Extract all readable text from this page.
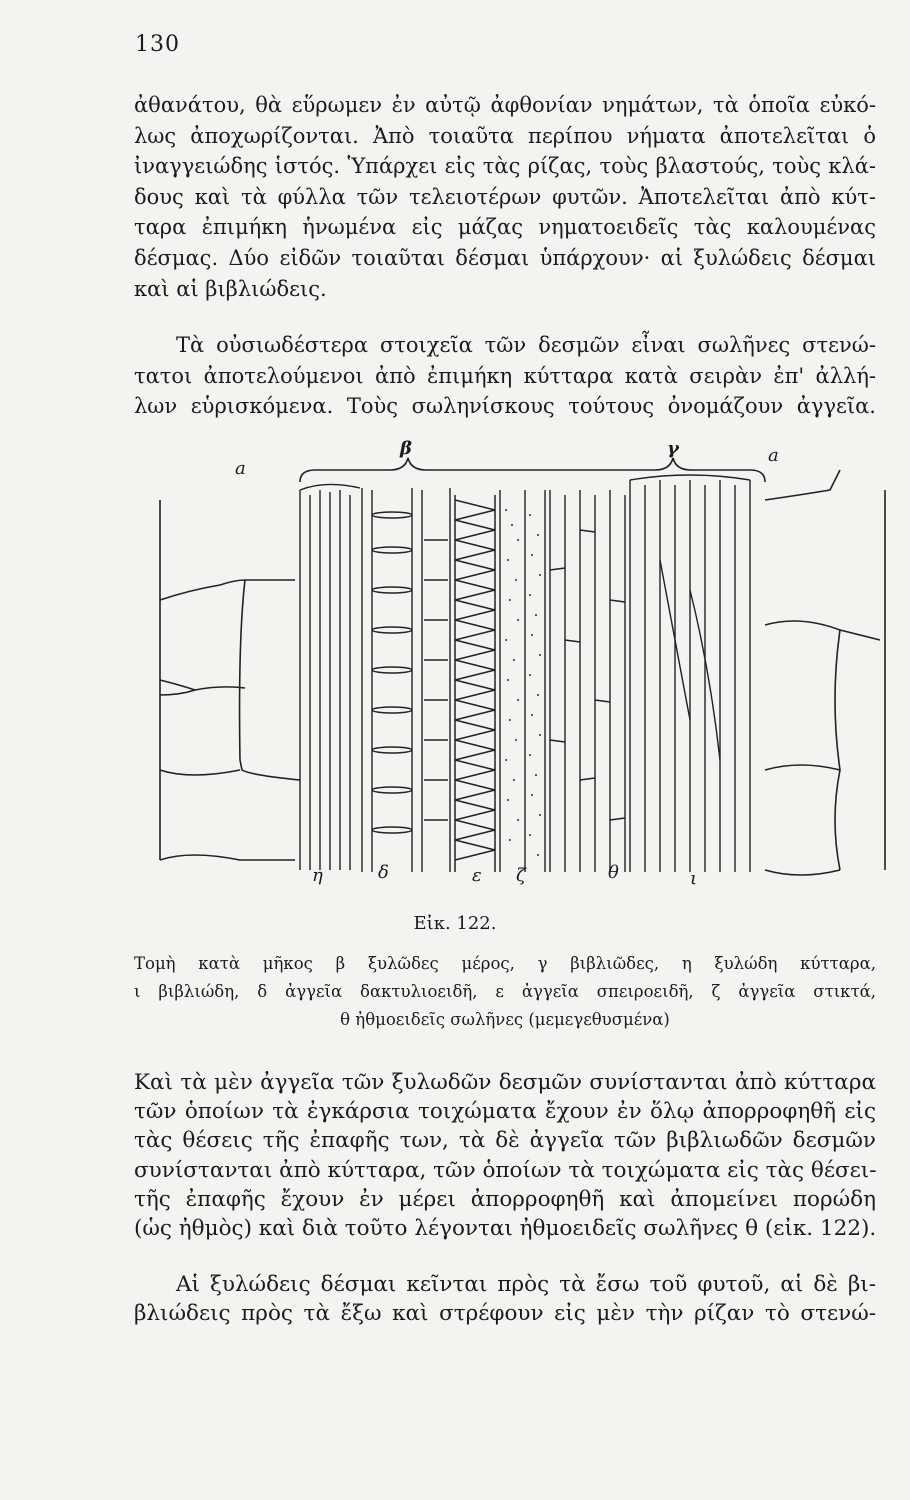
130

ἀθανάτου, θὰ εὕρωμεν ἐν αὐτῷ ἀφθονίαν νημάτων, τὰ ὁποῖα εὐκό-
λως ἀποχωρίζονται. Ἀπὸ τοιαῦτα περίπου νήματα ἀποτελεῖται ὁ
ἰναγγειώδης ἱστός. Ὑπάρχει εἰς τὰς ρίζας, τοὺς βλαστούς, τοὺς κλά-
δους καὶ τὰ φύλλα τῶν τελειοτέρων φυτῶν. Ἀποτελεῖται ἀπὸ κύτ-
ταρα ἐπιμήκη ἡνωμένα εἰς μάζας νηματοειδεῖς τὰς καλουμένας
δέσμας. Δύο εἰδῶν τοιαῦται δέσμαι ὑπάρχουν· αἱ ξυλώδεις δέσμαι
καὶ αἱ βιβλιώδεις.

Τὰ οὐσιωδέστερα στοιχεῖα τῶν δεσμῶν εἶναι σωλῆνες στενώ-
τατοι ἀποτελούμενοι ἀπὸ ἐπιμήκη κύτταρα κατὰ σειρὰν ἐπ' ἀλλή-
λων εὑρισκόμενα. Τοὺς σωληνίσκους τούτους ὀνομάζουν ἀγγεῖα.

a
β	γ	a
η	δ	ε ζ	θ	ι
Εἰκ. 122.
Τομὴ κατὰ μῆκος β ξυλῶδες μέρος, γ βιβλιῶδες, η ξυλώδη κύτταρα,
ι βιβλιώδη, δ ἀγγεῖα δακτυλιοειδῆ, ε ἀγγεῖα σπειροειδῆ, ζ ἀγγεῖα στικτά,
θ ἠθμοειδεῖς σωλῆνες (μεμεγεθυσμένα)

Καὶ τὰ μὲν ἀγγεῖα τῶν ξυλωδῶν δεσμῶν συνίστανται ἀπὸ κύτταρα
τῶν ὁποίων τὰ ἐγκάρσια τοιχώματα ἔχουν ἐν ὅλῳ ἀπορροφηθῆ εἰς
τὰς θέσεις τῆς ἐπαφῆς των, τὰ δὲ ἀγγεῖα τῶν βιβλιωδῶν δεσμῶν
συνίστανται ἀπὸ κύτταρα, τῶν ὁποίων τὰ τοιχώματα εἰς τὰς θέσει-
τῆς ἐπαφῆς ἔχουν ἐν μέρει ἀπορροφηθῆ καὶ ἀπομείνει πορώδη
(ὡς ἠθμὸς) καὶ διὰ τοῦτο λέγονται ἠθμοειδεῖς σωλῆνες θ (εἰκ. 122).

Αἱ ξυλώδεις δέσμαι κεῖνται πρὸς τὰ ἔσω τοῦ φυτοῦ, αἱ δὲ βι-
βλιώδεις πρὸς τὰ ἔξω καὶ στρέφουν εἰς μὲν τὴν ρίζαν τὸ στενώ-
